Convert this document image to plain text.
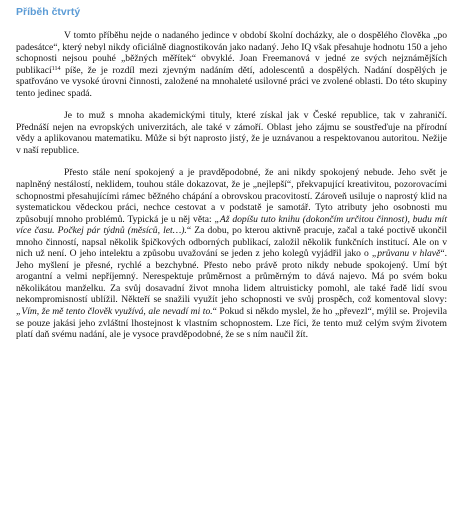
Příběh čtvrtý

V tomto příběhu nejde o nadaného jedince v období školní docházky, ale o dospělého člověka „po padesátce“, který nebyl nikdy oficiálně diagnostikován jako nadaný. Jeho IQ však přesahuje hodnotu 150 a jeho schopnosti nejsou pouhé „běžných měřítek“ obvyklé. Joan Freemanová v jedné ze svých nejznámějších publikací$^{114}$ píše, že je rozdíl mezi zjevným nadáním dětí, adolescentů a dospělých. Nadání dospělých je spatřováno ve vysoké úrovni činnosti, založené na mnohaleté usilovné práci ve zvolené oblasti. Do této skupiny tento jedinec spadá.

Je to muž s mnoha akademickými tituly, které získal jak v České republice, tak v zahraničí. Přednáší nejen na evropských univerzitách, ale také v zámoří. Oblast jeho zájmu se soustřeďuje na přírodní vědy a aplikovanou matematiku. Může si být naprosto jistý, že je uznávanou a respektovanou autoritou. Nežije v naší republice.

Přesto stále není spokojený a je pravděpodobné, že ani nikdy spokojený nebude. Jeho svět je naplněný nestálostí, neklidem, touhou stále dokazovat, že je „nejlepší“, překvapující kreativitou, pozorovacími schopnostmi přesahujícími rámec běžného chápání a obrovskou pracovitostí. Zároveň usiluje o naprostý klid na systematickou vědeckou práci, nechce cestovat a v podstatě je samotář. Tyto atributy jeho osobnosti mu způsobují mnoho problémů. Typická je u něj věta: „Až dopíšu tuto knihu (dokončím určitou činnost), budu mít více času. Počkej pár týdnů (měsíců, let…).“ Za dobu, po kterou aktivně pracuje, začal a také poctivě ukončil mnoho činností, napsal několik špičkových odborných publikací, založil několik funkčních institucí. Ale on v nich už není. O jeho intelektu a způsobu uvažování se jeden z jeho kolegů vyjádřil jako o „průvanu v hlavě“. Jeho myšlení je přesné, rychlé a bezchybné. Přesto nebo právě proto nikdy nebude spokojený. Umí být arogantní a velmi nepříjemný. Nerespektuje průměrnost a průměrným to dává najevo. Má po svém boku několikátou manželku. Za svůj dosavadní život mnoha lidem altruisticky pomohl, ale také řadě lidí svou nekompromisností ublížil. Někteří se snažili využít jeho schopnosti ve svůj prospěch, což komentoval slovy: „Vím, že mě tento člověk využívá, ale nevadí mi to.“ Pokud si někdo myslel, že ho „převezl“, mýlil se. Projevila se pouze jakási jeho zvláštní lhostejnost k vlastním schopnostem. Lze říci, že tento muž celým svým životem platí daň svému nadání, ale je vysoce pravděpodobné, že se s ním naučil žít.
